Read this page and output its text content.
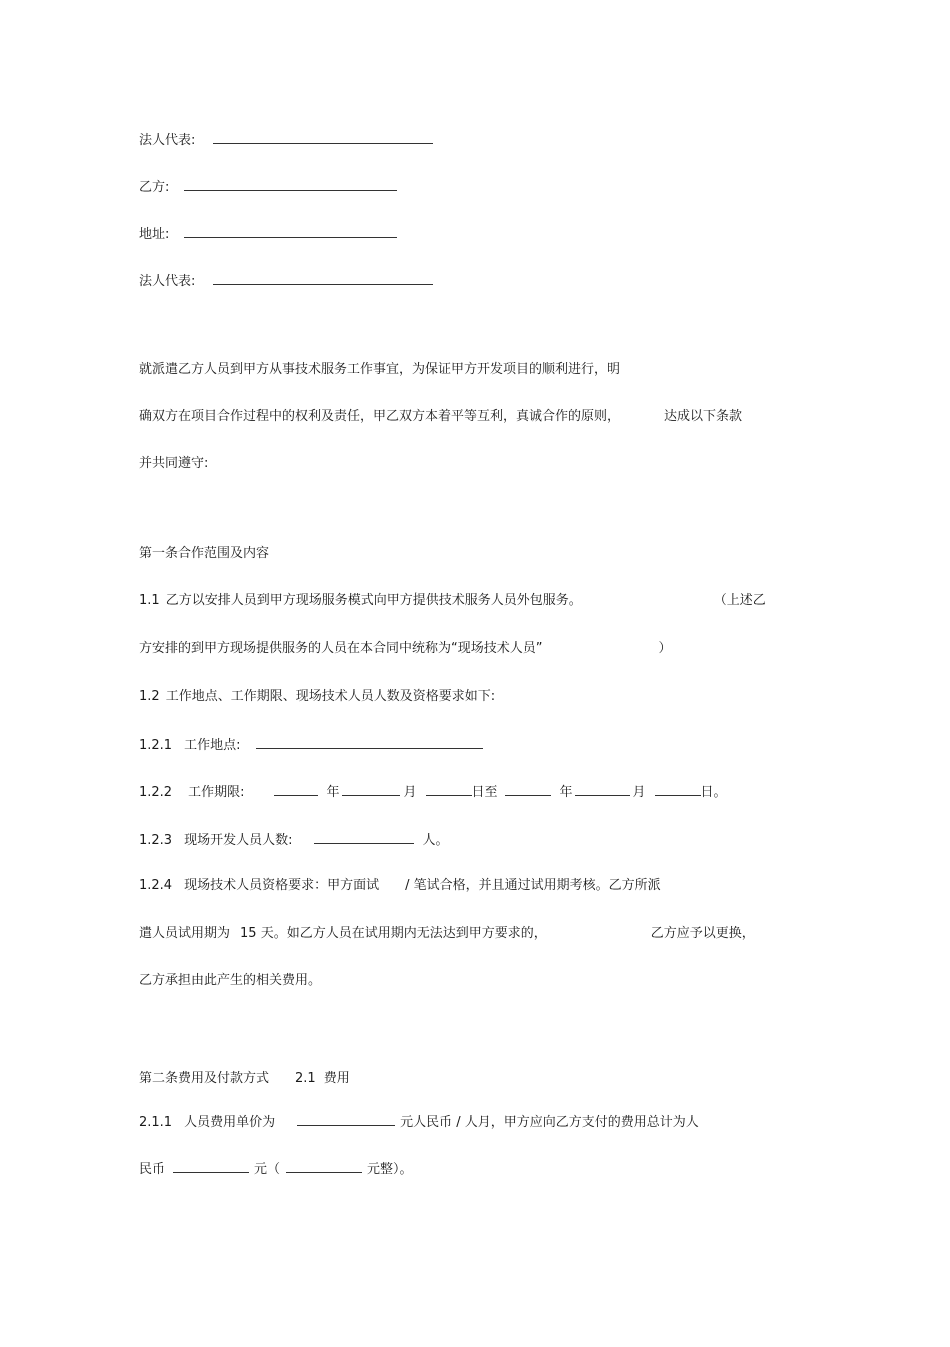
法人代表:
乙方:
地址:
法人代表:
就派遣乙方人员到甲方从事技术服务工作事宜，为保证甲方开发项目的顺利进行，明
确双方在项目合作过程中的权利及责任，甲乙双方本着平等互利，真诚合作的原则，	达成以下条款
并共同遵守:
第一条合作范围及内容
1.1 乙方以安排人员到甲方现场服务模式向甲方提供技术服务人员外包服务。	（上述乙
方安排的到甲方现场提供服务的人员在本合同中统称为“现场技术人员”	）
1.2 工作地点、工作期限、现场技术人员人数及资格要求如下:
1.2.1 工作地点:
1.2.2 工作期限:	年	月	日至	年	月	日。
1.2.3 现场开发人员人数:	人。
1.2.4 现场技术人员资格要求：甲方面试 / 笔试合格，并且通过试用期考核。乙方所派
遣人员试用期为 15 天。如乙方人员在试用期内无法达到甲方要求的，	乙方应予以更换，
乙方承担由此产生的相关费用。
第二条费用及付款方式 2.1 费用
2.1.1 人员费用单价为	元人民币 / 人月，甲方应向乙方支付的费用总计为人
民币	元（	元整）。
